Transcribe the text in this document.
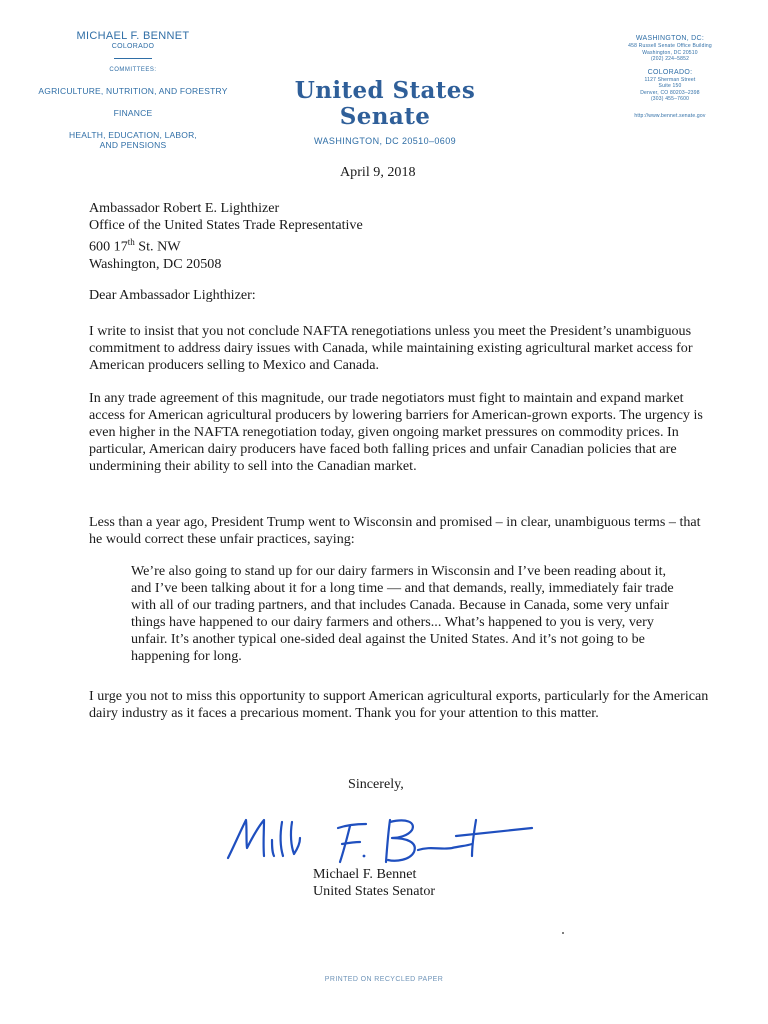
MICHAEL F. BENNET
COLORADO
COMMITTEES:
AGRICULTURE, NUTRITION, AND FORESTRY
FINANCE
HEALTH, EDUCATION, LABOR,
AND PENSIONS
United States Senate
WASHINGTON, DC 20510–0609
WASHINGTON, DC:
458 Russell Senate Office Building
Washington, DC 20510
(202) 224–5852
COLORADO:
1127 Sherman Street
Suite 150
Denver, CO 80203–2398
(303) 455–7600
http://www.bennet.senate.gov
April 9, 2018
Ambassador Robert E. Lighthizer
Office of the United States Trade Representative
600 17th St. NW
Washington, DC 20508
Dear Ambassador Lighthizer:
I write to insist that you not conclude NAFTA renegotiations unless you meet the President’s unambiguous commitment to address dairy issues with Canada, while maintaining existing agricultural market access for American producers selling to Mexico and Canada.
In any trade agreement of this magnitude, our trade negotiators must fight to maintain and expand market access for American agricultural producers by lowering barriers for American-grown exports. The urgency is even higher in the NAFTA renegotiation today, given ongoing market pressures on commodity prices. In particular, American dairy producers have faced both falling prices and unfair Canadian policies that are undermining their ability to sell into the Canadian market.
Less than a year ago, President Trump went to Wisconsin and promised – in clear, unambiguous terms – that he would correct these unfair practices, saying:
We’re also going to stand up for our dairy farmers in Wisconsin and I’ve been reading about it, and I’ve been talking about it for a long time — and that demands, really, immediately fair trade with all of our trading partners, and that includes Canada. Because in Canada, some very unfair things have happened to our dairy farmers and others... What’s happened to you is very, very unfair. It’s another typical one-sided deal against the United States. And it’s not going to be happening for long.
I urge you not to miss this opportunity to support American agricultural exports, particularly for the American dairy industry as it faces a precarious moment. Thank you for your attention to this matter.
Sincerely,
Michael F. Bennet
United States Senator
PRINTED ON RECYCLED PAPER
